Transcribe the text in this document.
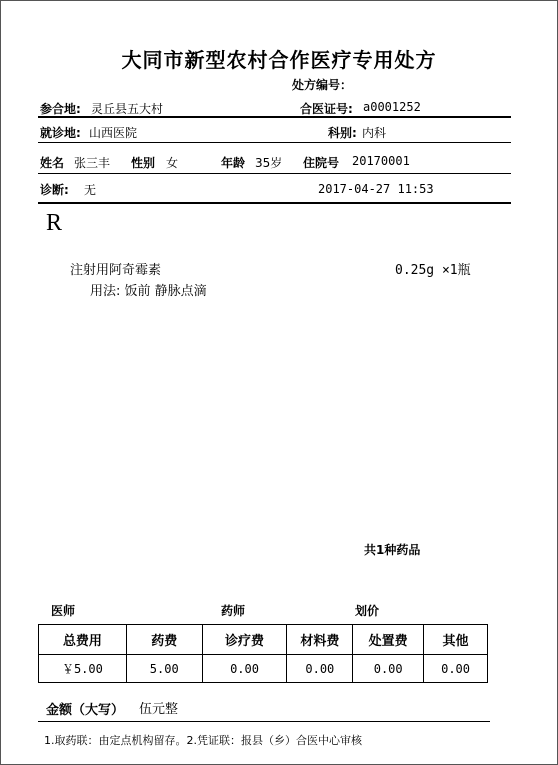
大同市新型农村合作医疗专用处方
处方编号：
参合地: 灵丘县五大村	合医证号: a0001252
就诊地: 山西医院	科别: 内科
姓名 张三丰 性别 女	年龄 35岁 住院号 20170001
诊断: 无	2017-04-27 11:53
R
注射用阿奇霉素	0.25g ×1瓶
用法: 饭前 静脉点滴
共1种药品
医师	药师	划价
总费用	药费	诊疗费	材料费	处置费	其他
￥5.00	5.00	0.00	0.00	0.00	0.00
金额（大写） 伍元整
1.取药联：由定点机构留存。2.凭证联：报县（乡）合医中心审核
